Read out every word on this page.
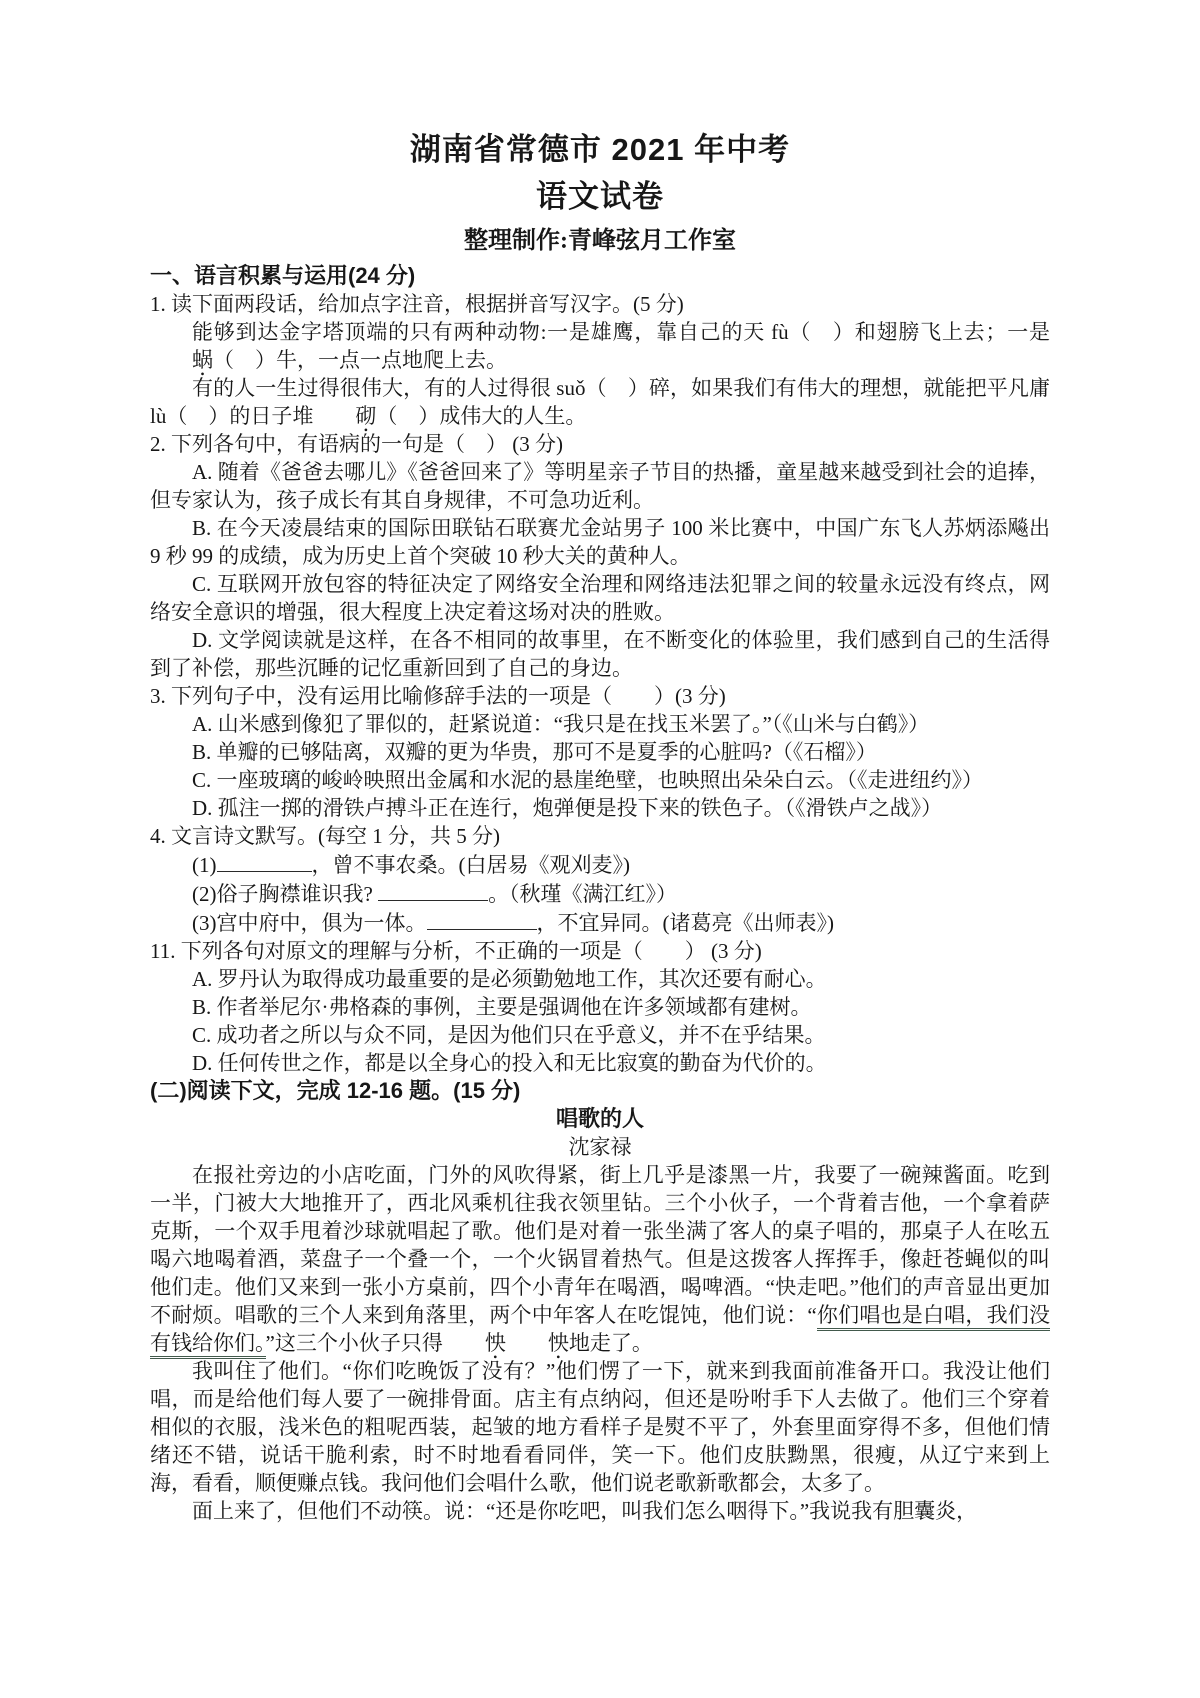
湖南省常德市 2021 年中考
语文试卷
整理制作:青峰弦月工作室

一、语言积累与运用(24 分)

1. 读下面两段话，给加点字注音，根据拼音写汉字。(5 分)

能够到达金字塔顶端的只有两种动物:一是雄鹰，靠自己的天 fù（　）和翅膀飞上去；一是蜗（　）牛，一点一点地爬上去。

有的人一生过得很伟大，有的人过得很 suǒ（　）碎，如果我们有伟大的理想，就能把平凡庸 lù（　）的日子堆 砌（　）成伟大的人生。

2. 下列各句中，有语病的一句是（　） (3 分)

A. 随着《爸爸去哪儿》《爸爸回来了》等明星亲子节目的热播，童星越来越受到社会的追捧，但专家认为，孩子成长有其自身规律，不可急功近利。

B. 在今天凌晨结束的国际田联钻石联赛尤金站男子 100 米比赛中，中国广东飞人苏炳添飚出 9 秒 99 的成绩，成为历史上首个突破 10 秒大关的黄种人。

C. 互联网开放包容的特征决定了网络安全治理和网络违法犯罪之间的较量永远没有终点，网络安全意识的增强，很大程度上决定着这场对决的胜败。

D. 文学阅读就是这样，在各不相同的故事里，在不断变化的体验里，我们感到自己的生活得到了补偿，那些沉睡的记忆重新回到了自己的身边。

3. 下列句子中，没有运用比喻修辞手法的一项是（　　）(3 分)

A. 山米感到像犯了罪似的，赶紧说道：“我只是在找玉米罢了。”（《山米与白鹤》）

B. 单瓣的已够陆离，双瓣的更为华贵，那可不是夏季的心脏吗?（《石榴》）

C. 一座玻璃的峻岭映照出金属和水泥的悬崖绝壁，也映照出朵朵白云。（《走进纽约》）

D. 孤注一掷的滑铁卢搏斗正在连行，炮弹便是投下来的铁色子。（《滑铁卢之战》）

4. 文言诗文默写。(每空 1 分，共 5 分)

(1)	，曾不事农桑。(白居易《观刈麦》)

(2)俗子胸襟谁识我?	。（秋瑾《满江红》）

(3)宫中府中，俱为一体。	，不宜异同。(诸葛亮《出师表》)

11. 下列各句对原文的理解与分析，不正确的一项是（　　） (3 分)

A. 罗丹认为取得成功最重要的是必须勤勉地工作，其次还要有耐心。

B. 作者举尼尔·弗格森的事例，主要是强调他在许多领域都有建树。

C. 成功者之所以与众不同，是因为他们只在乎意义，并不在乎结果。

D. 任何传世之作，都是以全身心的投入和无比寂寞的勤奋为代价的。

(二)阅读下文，完成 12-16 题。(15 分)

唱歌的人

沈家禄

在报社旁边的小店吃面，门外的风吹得紧，街上几乎是漆黑一片，我要了一碗辣酱面。吃到一半，门被大大地推开了，西北风乘机往我衣领里钻。三个小伙子，一个背着吉他，一个拿着萨克斯，一个双手甩着沙球就唱起了歌。他们是对着一张坐满了客人的桌子唱的，那桌子人在吆五喝六地喝着酒，菜盘子一个叠一个，一个火锅冒着热气。但是这拨客人挥挥手，像赶苍蝇似的叫他们走。他们又来到一张小方桌前，四个小青年在喝酒，喝啤酒。“快走吧。”他们的声音显出更加不耐烦。唱歌的三个人来到角落里，两个中年客人在吃馄饨，他们说：“你们唱也是白唱，我们没有钱给你们。”这三个小伙子只得 怏 怏地走了。

我叫住了他们。“你们吃晚饭了没有？”他们愣了一下，就来到我面前准备开口。我没让他们唱，而是给他们每人要了一碗排骨面。店主有点纳闷，但还是吩咐手下人去做了。他们三个穿着相似的衣服，浅米色的粗呢西装，起皱的地方看样子是熨不平了，外套里面穿得不多，但他们情绪还不错，说话干脆利索，时不时地看看同伴，笑一下。他们皮肤黝黑，很瘦，从辽宁来到上海，看看，顺便赚点钱。我问他们会唱什么歌，他们说老歌新歌都会，太多了。

面上来了，但他们不动筷。说：“还是你吃吧，叫我们怎么咽得下。”我说我有胆囊炎，
